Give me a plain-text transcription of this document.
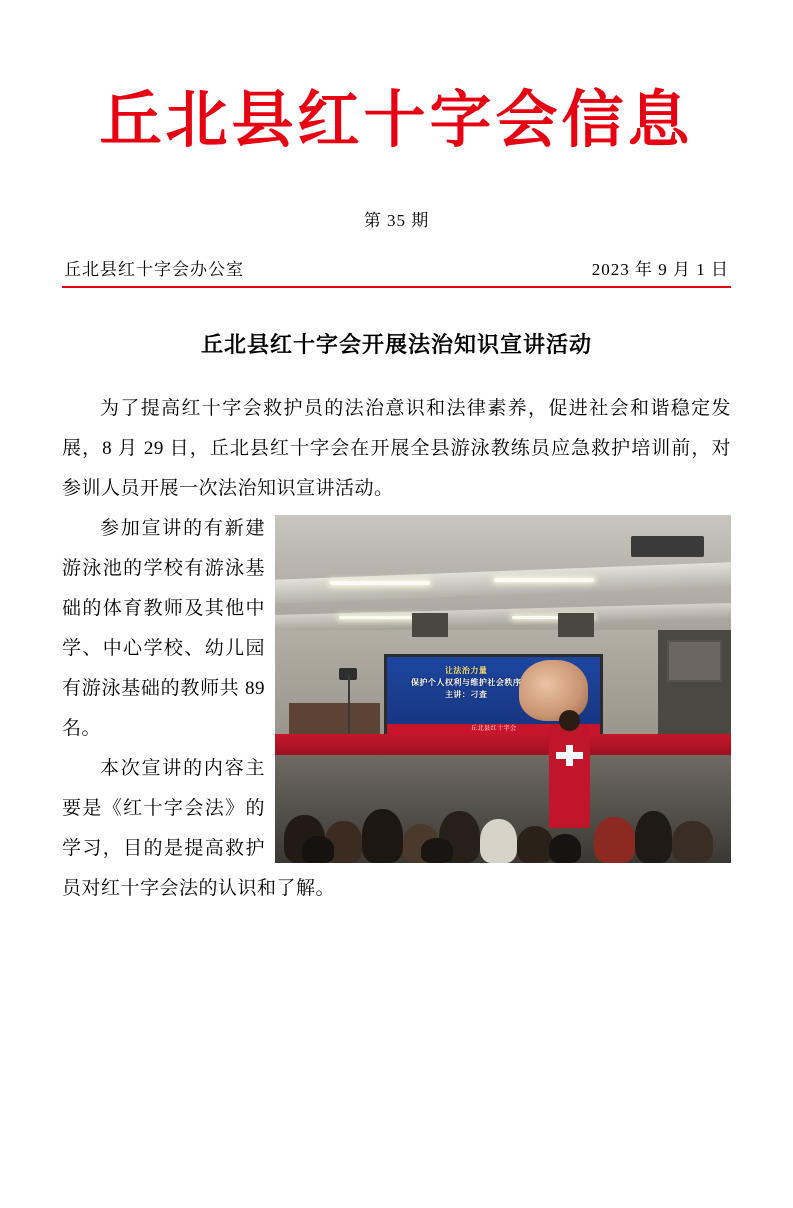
丘北县红十字会信息
第 35 期
丘北县红十字会办公室	2023 年 9 月 1 日
丘北县红十字会开展法治知识宣讲活动
为了提高红十字会救护员的法治意识和法律素养，促进社会和谐稳定发展，8 月 29 日，丘北县红十字会在开展全县游泳教练员应急救护培训前，对参训人员开展一次法治知识宣讲活动。
让法治力量
保护个人权利与维护社会秩序
主讲：刁查
丘北县红十字会
参加宣讲的有新建游泳池的学校有游泳基础的体育教师及其他中学、中心学校、幼儿园有游泳基础的教师共 89 名。
本次宣讲的内容主要是《红十字会法》的学习，目的是提高救护员对红十字会法的认识和了解。
